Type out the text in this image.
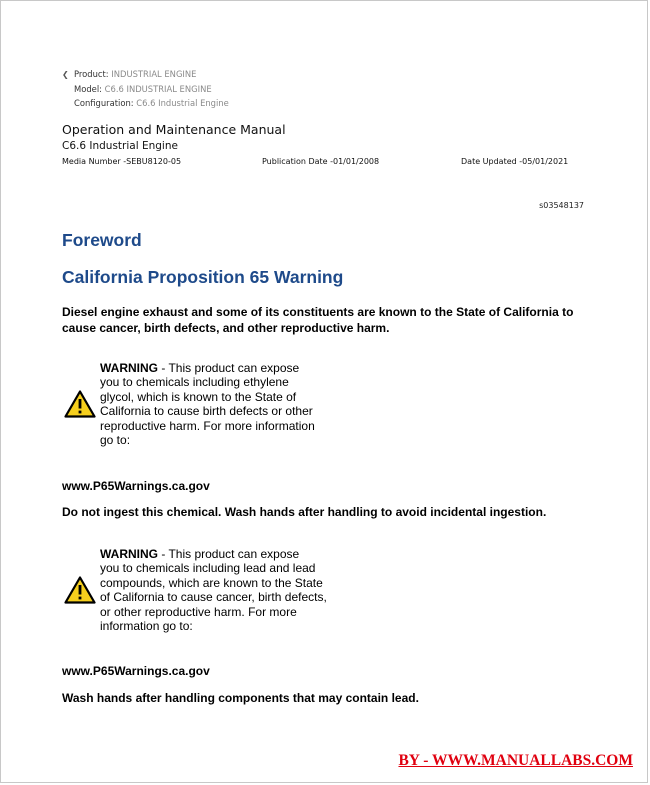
❮ Product: INDUSTRIAL ENGINE
Model: C6.6 INDUSTRIAL ENGINE
Configuration: C6.6 Industrial Engine
Operation and Maintenance Manual
C6.6 Industrial Engine
Media Number -SEBU8120-05	Publication Date -01/01/2008	Date Updated -05/01/2021
s03548137
Foreword
California Proposition 65 Warning
Diesel engine exhaust and some of its constituents are known to the State of California to cause cancer, birth defects, and other reproductive harm.
WARNING - This product can expose
you to chemicals including ethylene
glycol, which is known to the State of
California to cause birth defects or other
reproductive harm. For more information
go to:
www.P65Warnings.ca.gov
Do not ingest this chemical. Wash hands after handling to avoid incidental ingestion.
WARNING - This product can expose
you to chemicals including lead and lead
compounds, which are known to the State
of California to cause cancer, birth defects,
or other reproductive harm. For more
information go to:
www.P65Warnings.ca.gov
Wash hands after handling components that may contain lead.
BY - WWW.MANUALLABS.COM
